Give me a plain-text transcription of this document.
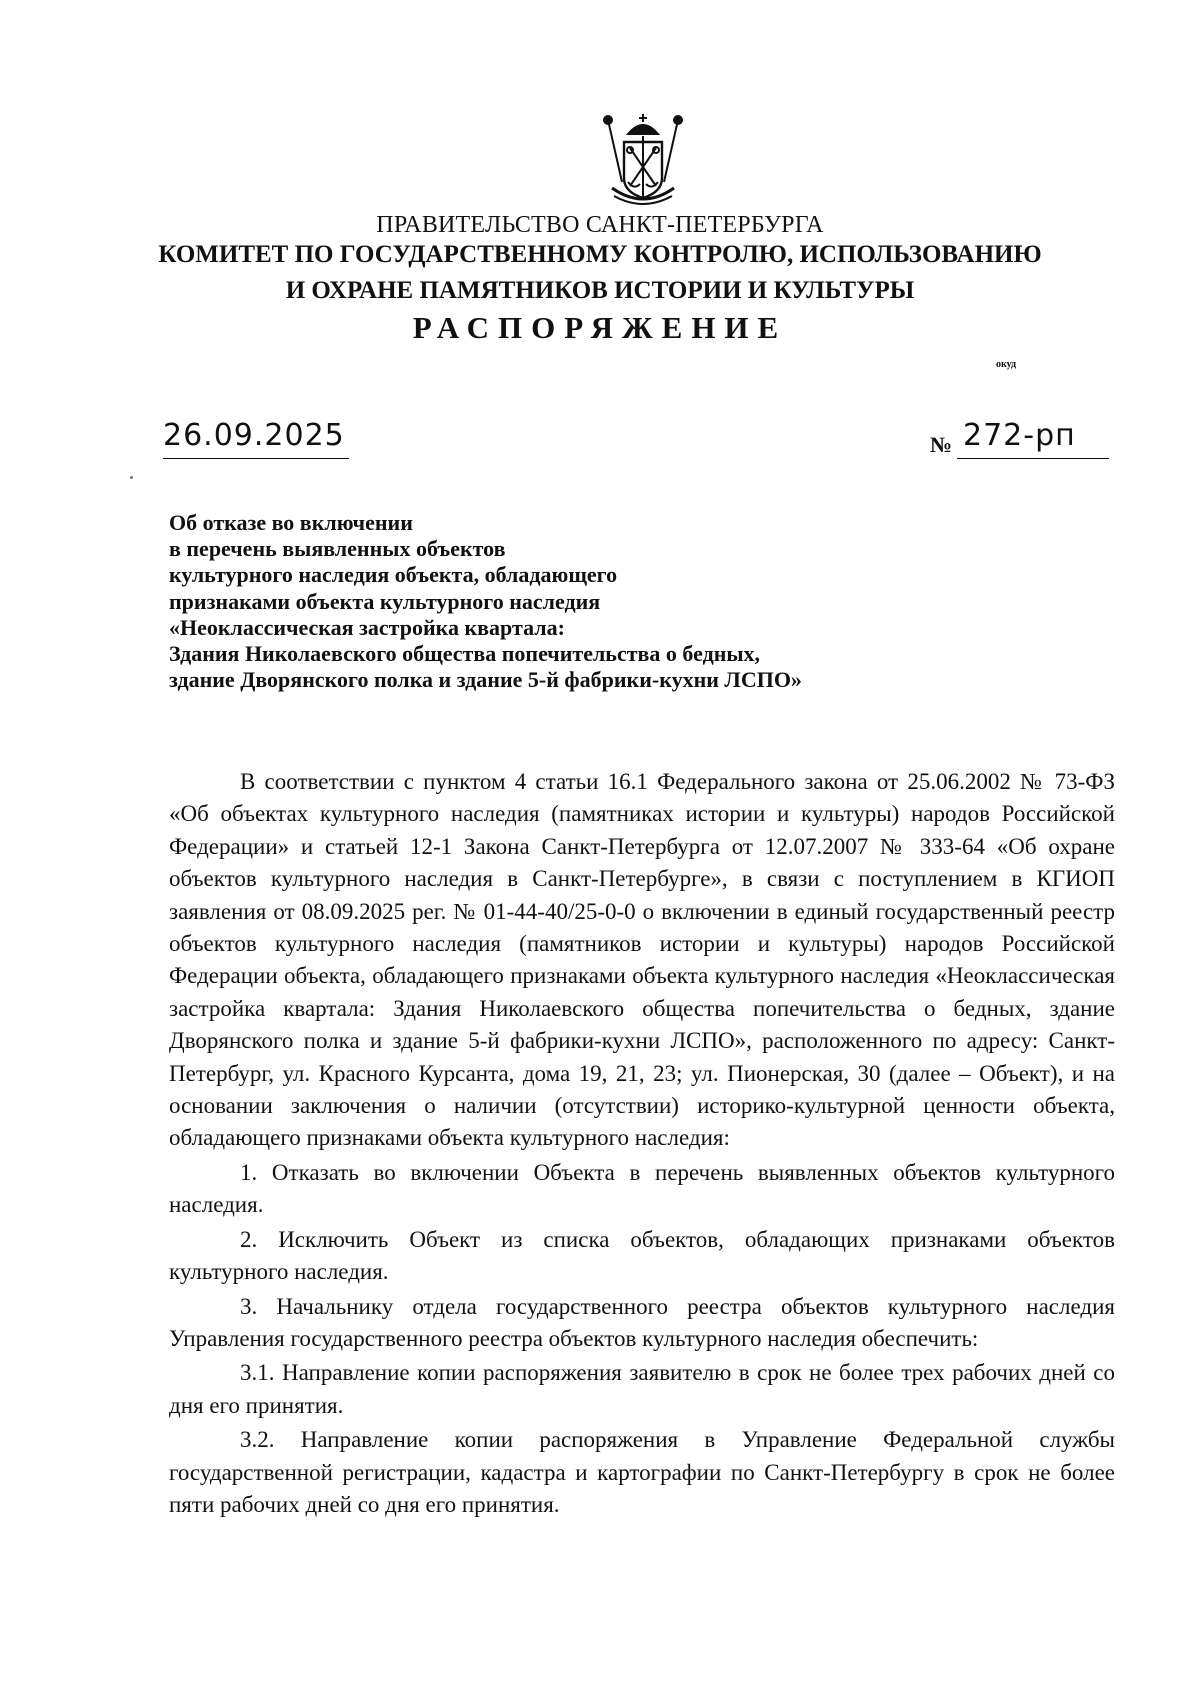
ПРАВИТЕЛЬСТВО САНКТ-ПЕТЕРБУРГА
КОМИТЕТ ПО ГОСУДАРСТВЕННОМУ КОНТРОЛЮ, ИСПОЛЬЗОВАНИЮ
И ОХРАНЕ ПАМЯТНИКОВ ИСТОРИИ И КУЛЬТУРЫ
РАСПОРЯЖЕНИЕ
окуд
26.09.2025	№ 272-рп
Об отказе во включении
в перечень выявленных объектов
культурного наследия объекта, обладающего
признаками объекта культурного наследия
«Неоклассическая застройка квартала:
Здания Николаевского общества попечительства о бедных,
здание Дворянского полка и здание 5-й фабрики-кухни ЛСПО»

В соответствии с пунктом 4 статьи 16.1 Федерального закона от 25.06.2002 № 73-ФЗ «Об объектах культурного наследия (памятниках истории и культуры) народов Российской Федерации» и статьей 12-1 Закона Санкт-Петербурга от 12.07.2007 № 333-64 «Об охране объектов культурного наследия в Санкт-Петербурге», в связи с поступлением в КГИОП заявления от 08.09.2025 рег. № 01-44-40/25-0-0 о включении в единый государственный реестр объектов культурного наследия (памятников истории и культуры) народов Российской Федерации объекта, обладающего признаками объекта культурного наследия «Неоклассическая застройка квартала: Здания Николаевского общества попечительства о бедных, здание Дворянского полка и здание 5-й фабрики-кухни ЛСПО», расположенного по адресу: Санкт-Петербург, ул. Красного Курсанта, дома 19, 21, 23; ул. Пионерская, 30 (далее – Объект), и на основании заключения о наличии (отсутствии) историко-культурной ценности объекта, обладающего признаками объекта культурного наследия:

1. Отказать во включении Объекта в перечень выявленных объектов культурного наследия.

2. Исключить Объект из списка объектов, обладающих признаками объектов культурного наследия.

3. Начальнику отдела государственного реестра объектов культурного наследия Управления государственного реестра объектов культурного наследия обеспечить:

3.1. Направление копии распоряжения заявителю в срок не более трех рабочих дней со дня его принятия.

3.2. Направление копии распоряжения в Управление Федеральной службы государственной регистрации, кадастра и картографии по Санкт-Петербургу в срок не более пяти рабочих дней со дня его принятия.
